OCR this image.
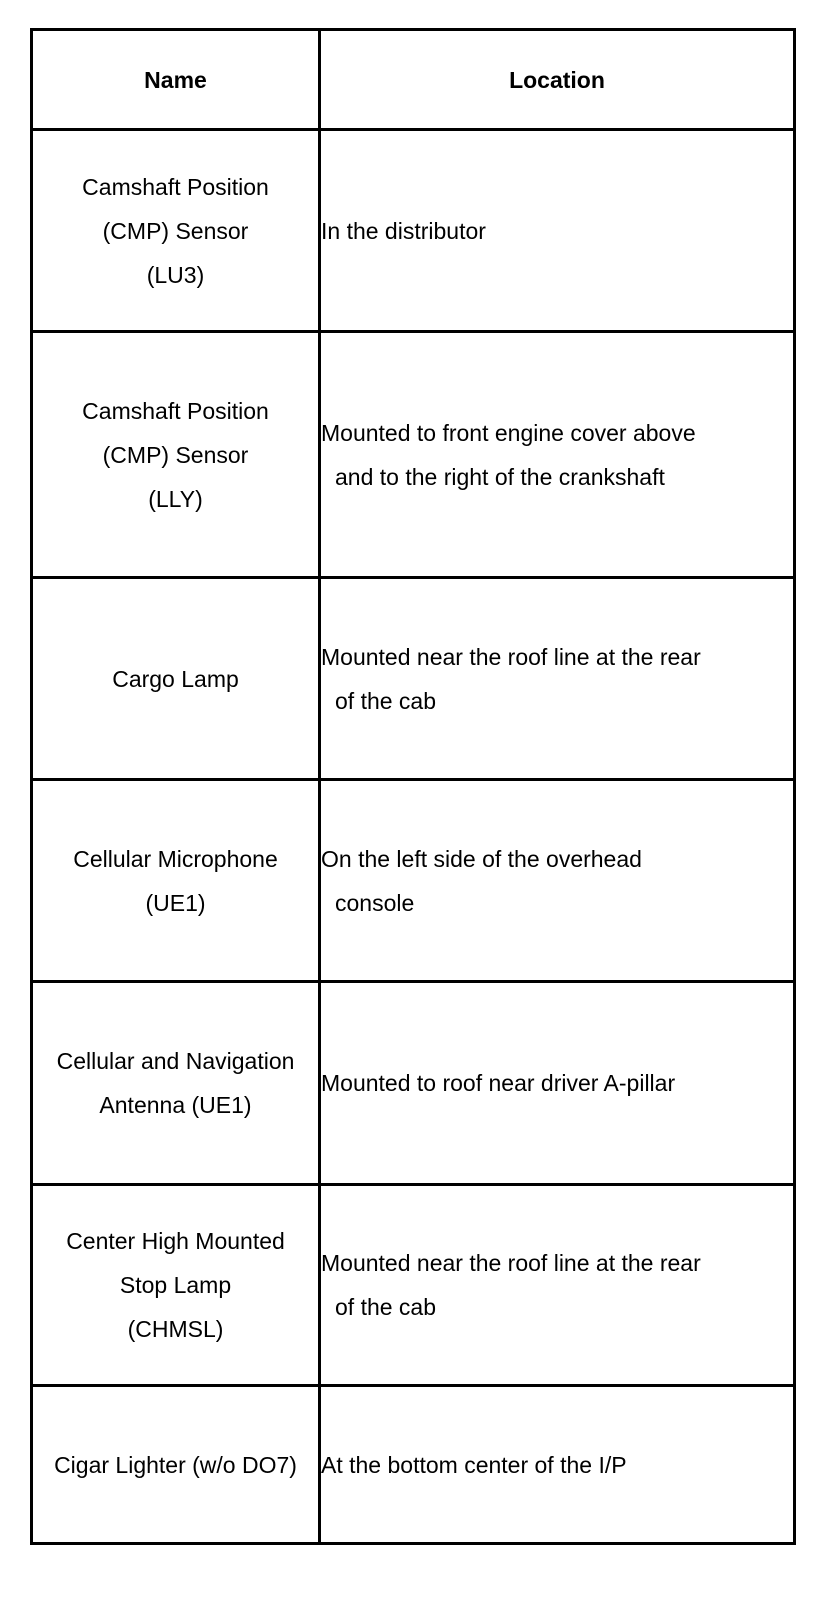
Name	Location

Camshaft Position
(CMP) Sensor
(LU3)	In the distributor

Camshaft Position
(CMP) Sensor
(LLY)	Mounted to front engine cover above
and to the right of the crankshaft

Cargo Lamp	Mounted near the roof line at the rear
of the cab

Cellular Microphone
(UE1)	On the left side of the overhead
console

Cellular and Navigation
Antenna (UE1)	Mounted to roof near driver A-pillar

Center High Mounted
Stop Lamp
(CHMSL)	Mounted near the roof line at the rear
of the cab

Cigar Lighter (w/o DO7)	At the bottom center of the I/P
